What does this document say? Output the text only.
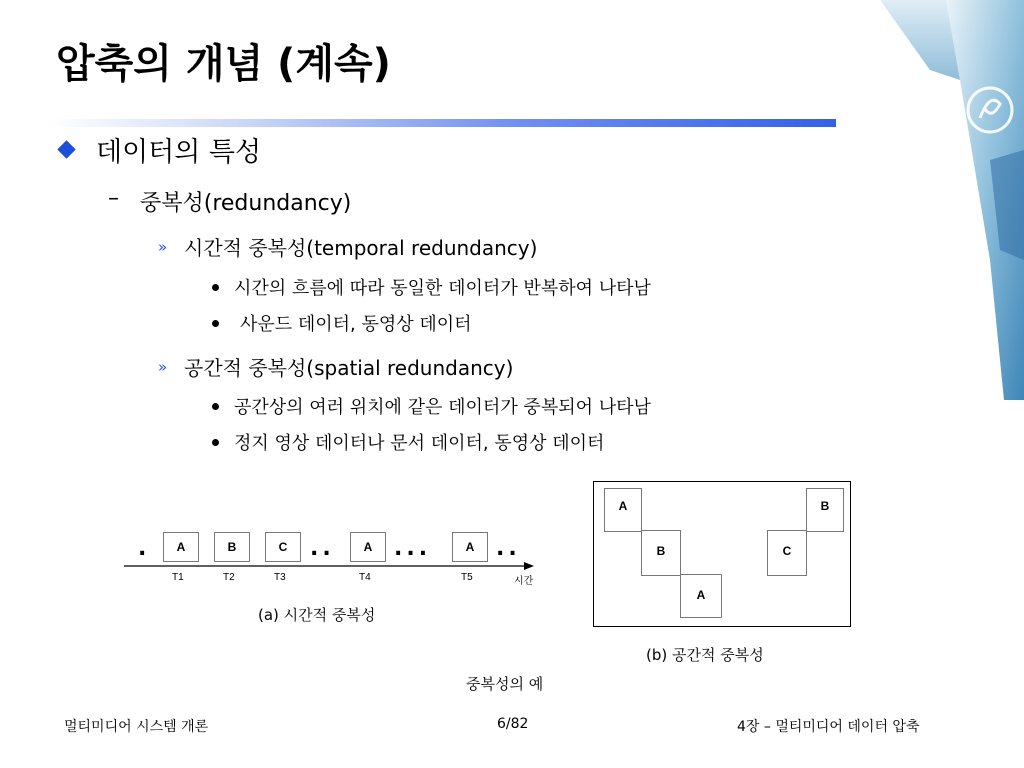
압축의 개념 (계속)
데이터의 특성
– 중복성(redundancy)
» 시간적 중복성(temporal redundancy)
시간의 흐름에 따라 동일한 데이터가 반복하여 나타남
사운드 데이터, 동영상 데이터
» 공간적 중복성(spatial redundancy)
공간상의 여러 위치에 같은 데이터가 중복되어 나타남
정지 영상 데이터나 문서 데이터, 동영상 데이터
.	A	B	C	..	A ...	A ..
T1	T2	T3	T4	T5	시간
(a) 시간적 중복성
A	B
B	C
A
(b) 공간적 중복성
중복성의 예
멀티미디어 시스템 개론	6/82	4장 – 멀티미디어 데이터 압축
